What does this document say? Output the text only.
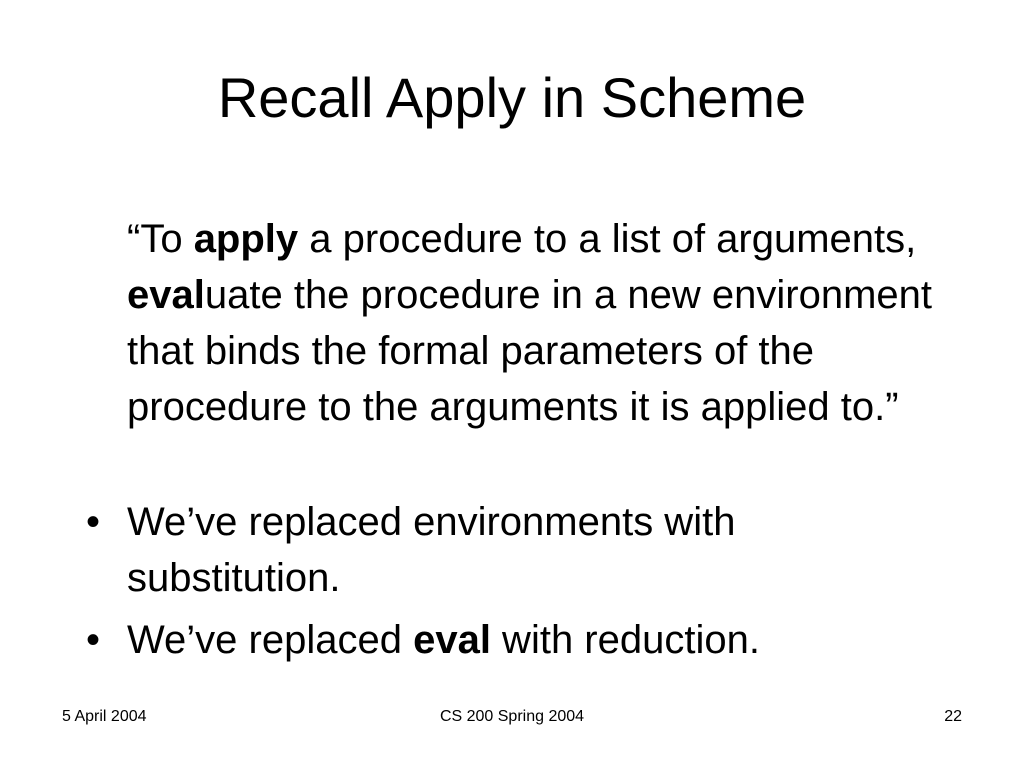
Recall Apply in Scheme

“To apply a procedure to a list of arguments, evaluate the procedure in a new environment that binds the formal parameters of the procedure to the arguments it is applied to.”

• We’ve replaced environments with substitution.
• We’ve replaced eval with reduction.
5 April 2004	CS 200 Spring 2004	22
